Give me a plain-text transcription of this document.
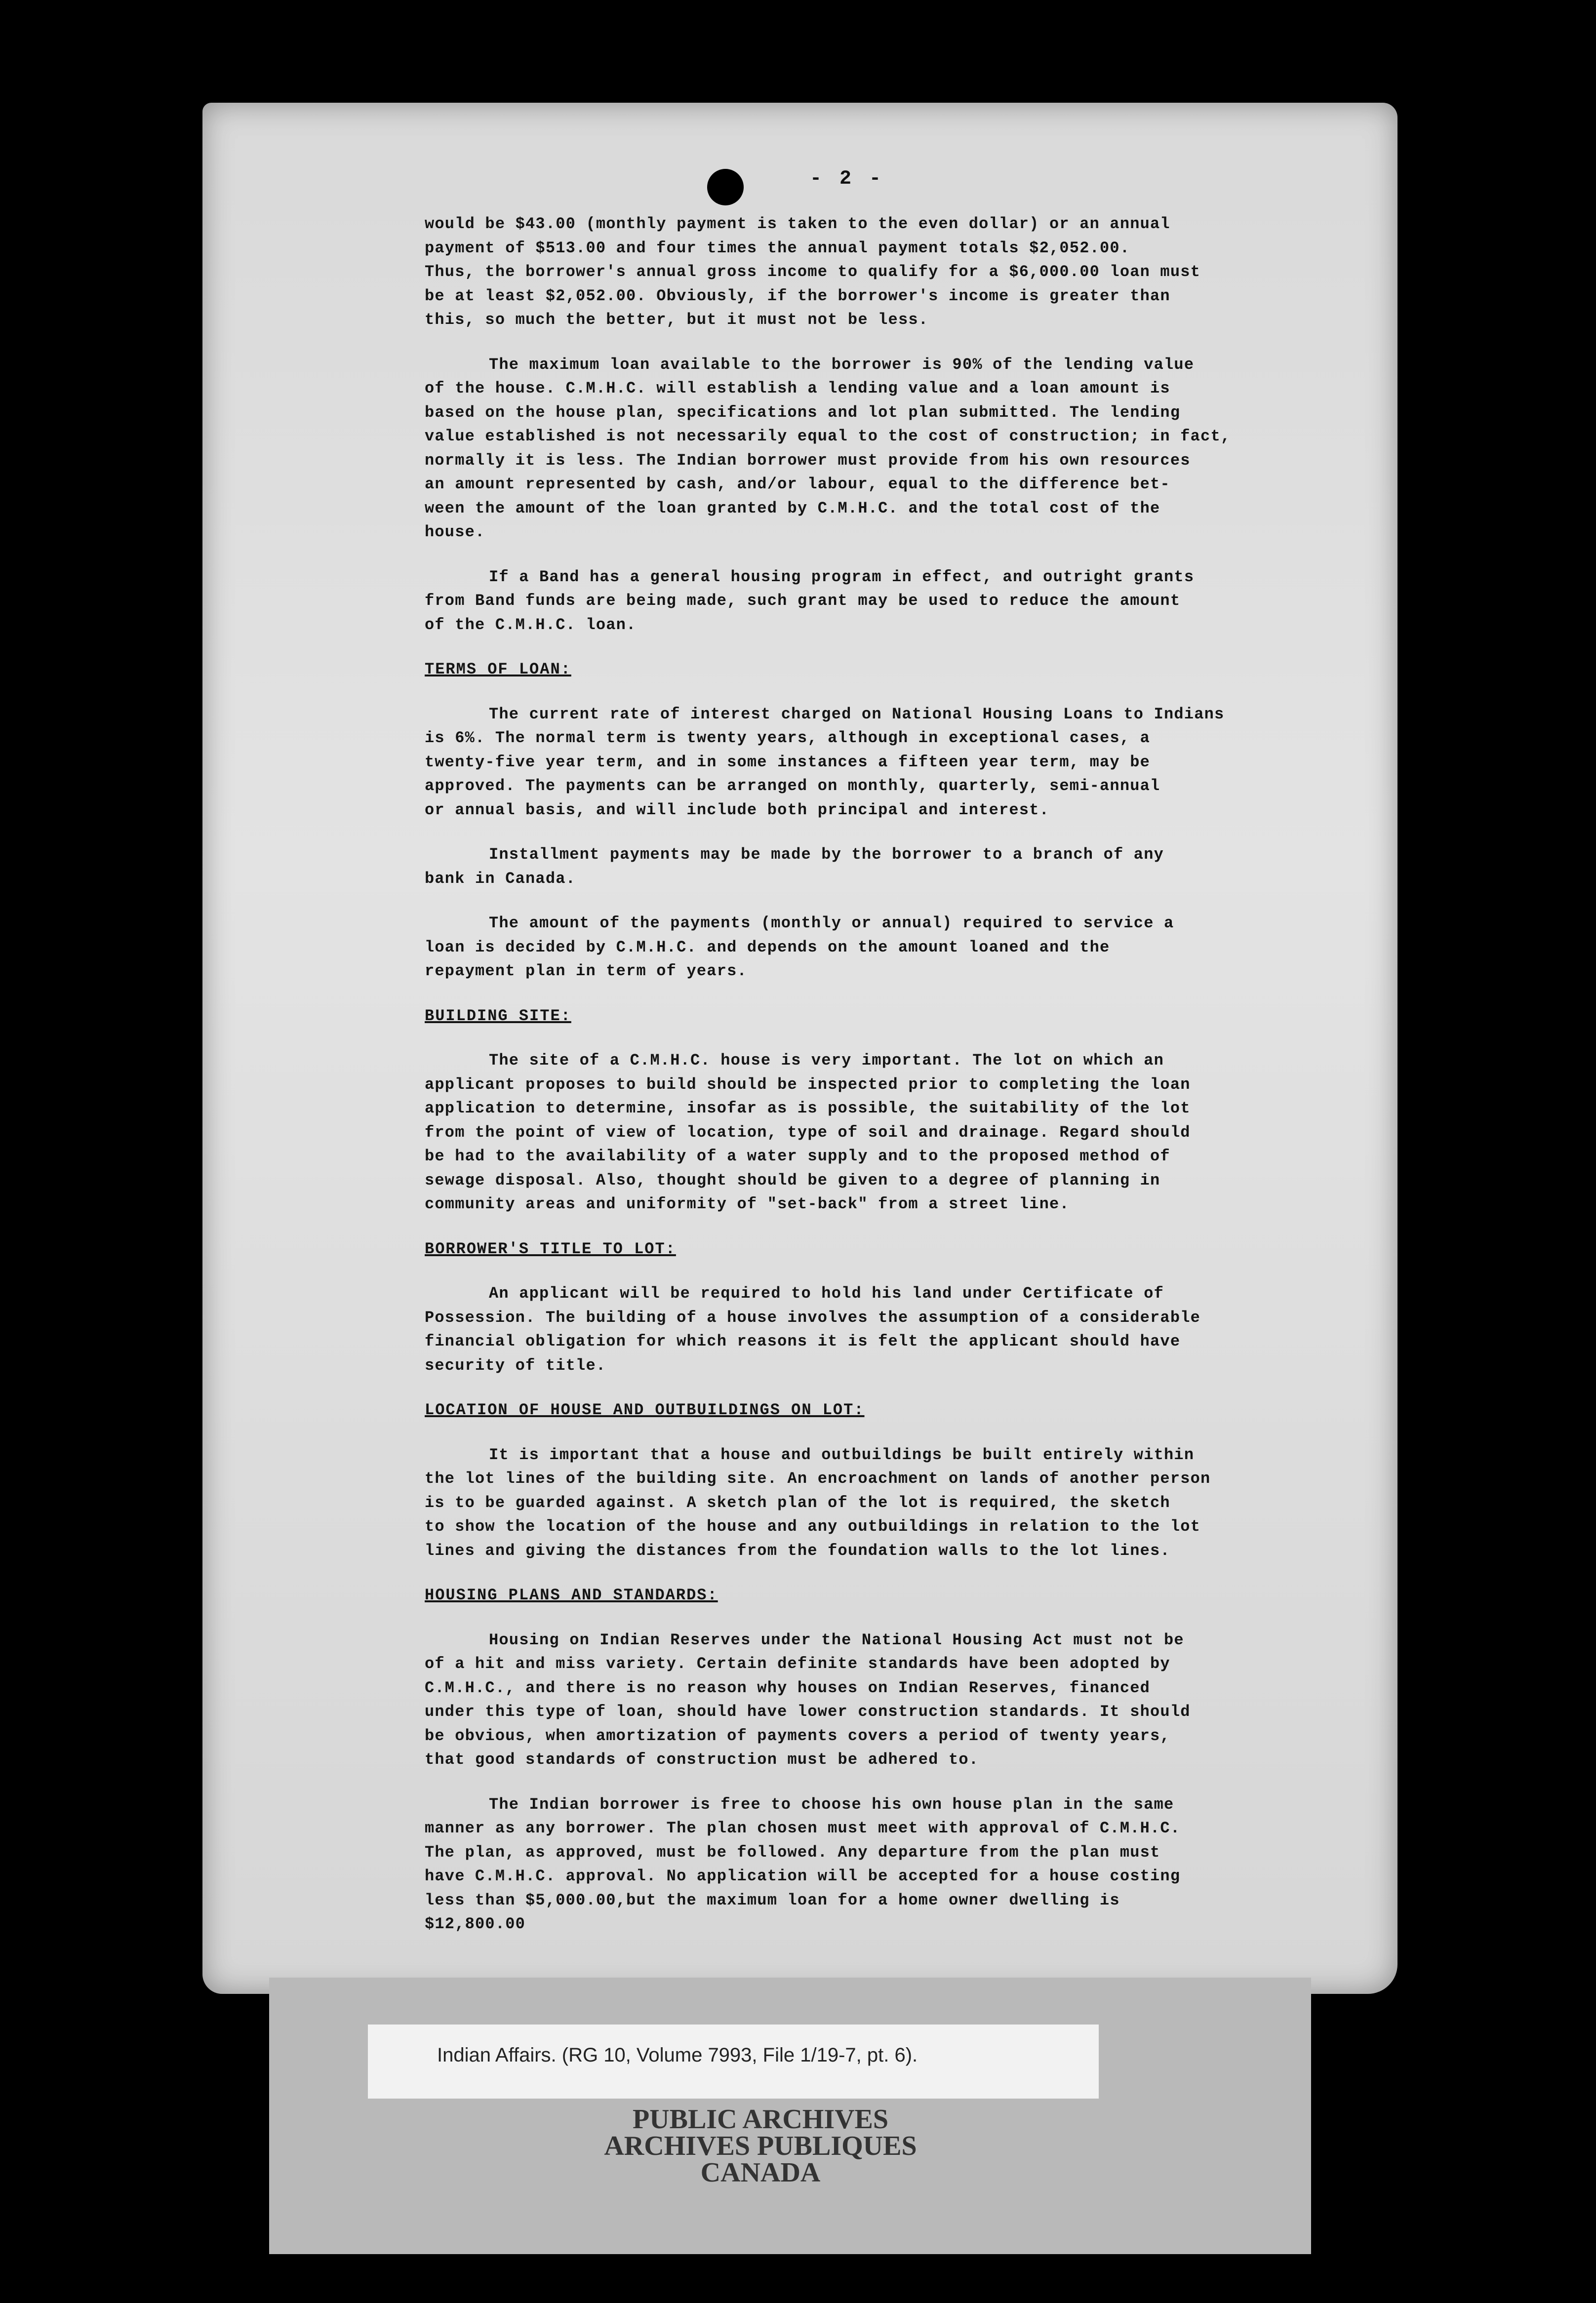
- 2 -

would be $43.00 (monthly payment is taken to the even dollar) or an annual
payment of $513.00 and four times the annual payment totals $2,052.00.
Thus, the borrower's annual gross income to qualify for a $6,000.00 loan must
be at least $2,052.00. Obviously, if the borrower's income is greater than
this, so much the better, but it must not be less.

The maximum loan available to the borrower is 90% of the lending value
of the house. C.M.H.C. will establish a lending value and a loan amount is
based on the house plan, specifications and lot plan submitted. The lending
value established is not necessarily equal to the cost of construction; in fact,
normally it is less. The Indian borrower must provide from his own resources
an amount represented by cash, and/or labour, equal to the difference bet-
ween the amount of the loan granted by C.M.H.C. and the total cost of the
house.

If a Band has a general housing program in effect, and outright grants
from Band funds are being made, such grant may be used to reduce the amount
of the C.M.H.C. loan.

TERMS OF LOAN:

The current rate of interest charged on National Housing Loans to Indians
is 6%. The normal term is twenty years, although in exceptional cases, a
twenty-five year term, and in some instances a fifteen year term, may be
approved. The payments can be arranged on monthly, quarterly, semi-annual
or annual basis, and will include both principal and interest.

Installment payments may be made by the borrower to a branch of any
bank in Canada.

The amount of the payments (monthly or annual) required to service a
loan is decided by C.M.H.C. and depends on the amount loaned and the
repayment plan in term of years.

BUILDING SITE:

The site of a C.M.H.C. house is very important. The lot on which an
applicant proposes to build should be inspected prior to completing the loan
application to determine, insofar as is possible, the suitability of the lot
from the point of view of location, type of soil and drainage. Regard should
be had to the availability of a water supply and to the proposed method of
sewage disposal. Also, thought should be given to a degree of planning in
community areas and uniformity of "set-back" from a street line.

BORROWER'S TITLE TO LOT:

An applicant will be required to hold his land under Certificate of
Possession. The building of a house involves the assumption of a considerable
financial obligation for which reasons it is felt the applicant should have
security of title.

LOCATION OF HOUSE AND OUTBUILDINGS ON LOT:

It is important that a house and outbuildings be built entirely within
the lot lines of the building site. An encroachment on lands of another person
is to be guarded against. A sketch plan of the lot is required, the sketch
to show the location of the house and any outbuildings in relation to the lot
lines and giving the distances from the foundation walls to the lot lines.

HOUSING PLANS AND STANDARDS:

Housing on Indian Reserves under the National Housing Act must not be
of a hit and miss variety. Certain definite standards have been adopted by
C.M.H.C., and there is no reason why houses on Indian Reserves, financed
under this type of loan, should have lower construction standards. It should
be obvious, when amortization of payments covers a period of twenty years,
that good standards of construction must be adhered to.

The Indian borrower is free to choose his own house plan in the same
manner as any borrower. The plan chosen must meet with approval of C.M.H.C.
The plan, as approved, must be followed. Any departure from the plan must
have C.M.H.C. approval. No application will be accepted for a house costing
less than $5,000.00,but the maximum loan for a home owner dwelling is
$12,800.00

Indian Affairs. (RG 10, Volume 7993, File 1/19-7, pt. 6).
PUBLIC ARCHIVES
ARCHIVES PUBLIQUES
CANADA
